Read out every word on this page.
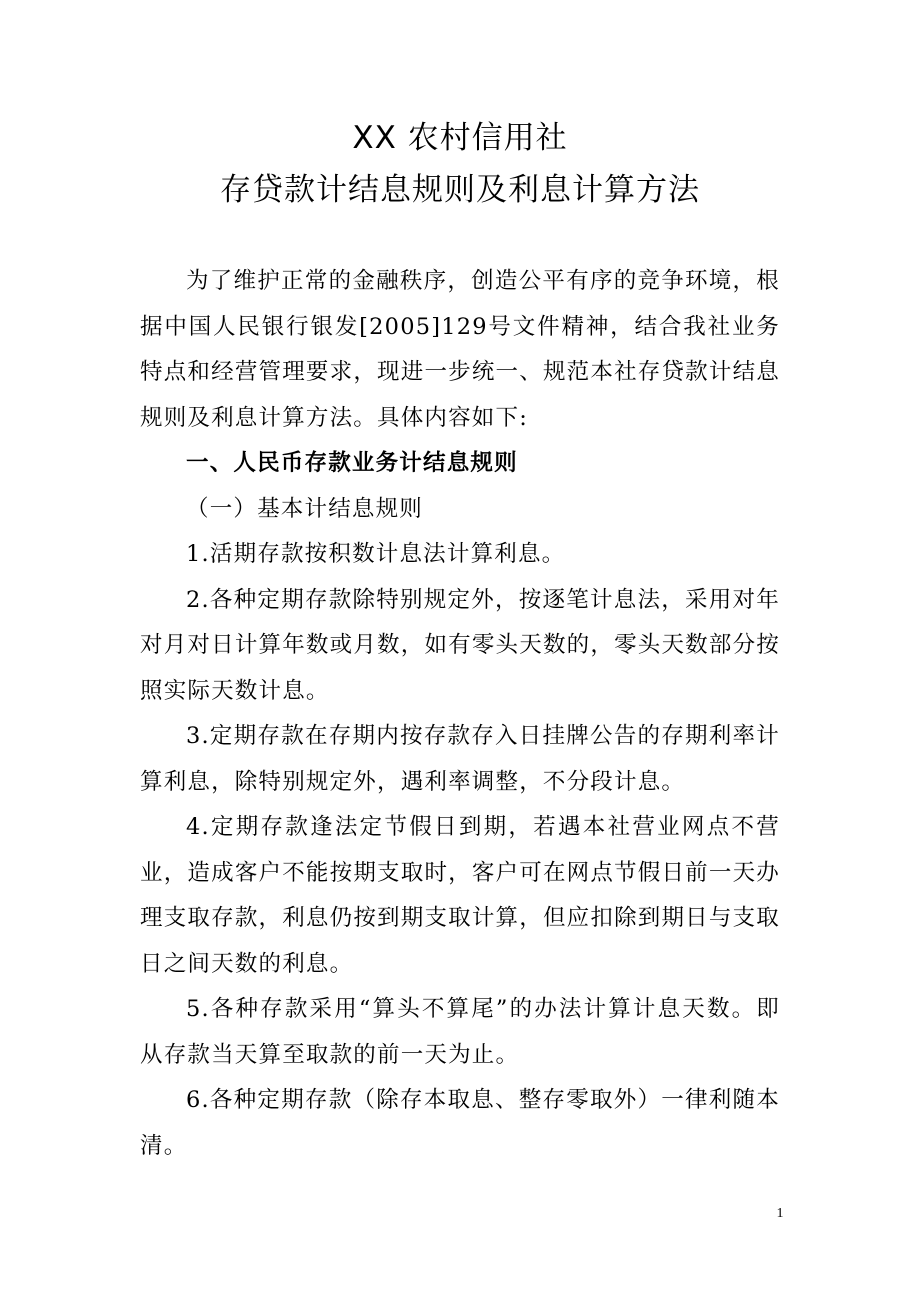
XX 农村信用社
存贷款计结息规则及利息计算方法

为了维护正常的金融秩序，创造公平有序的竞争环境，根据中国人民银行银发[2005]129号文件精神，结合我社业务特点和经营管理要求，现进一步统一、规范本社存贷款计结息规则及利息计算方法。具体内容如下:

一、人民币存款业务计结息规则

（一）基本计结息规则

1.活期存款按积数计息法计算利息。

2.各种定期存款除特别规定外，按逐笔计息法，采用对年对月对日计算年数或月数，如有零头天数的，零头天数部分按照实际天数计息。

3.定期存款在存期内按存款存入日挂牌公告的存期利率计算利息，除特别规定外，遇利率调整，不分段计息。

4.定期存款逢法定节假日到期，若遇本社营业网点不营业，造成客户不能按期支取时，客户可在网点节假日前一天办理支取存款，利息仍按到期支取计算，但应扣除到期日与支取日之间天数的利息。

5.各种存款采用“算头不算尾”的办法计算计息天数。即从存款当天算至取款的前一天为止。

6.各种定期存款（除存本取息、整存零取外）一律利随本清。

1
